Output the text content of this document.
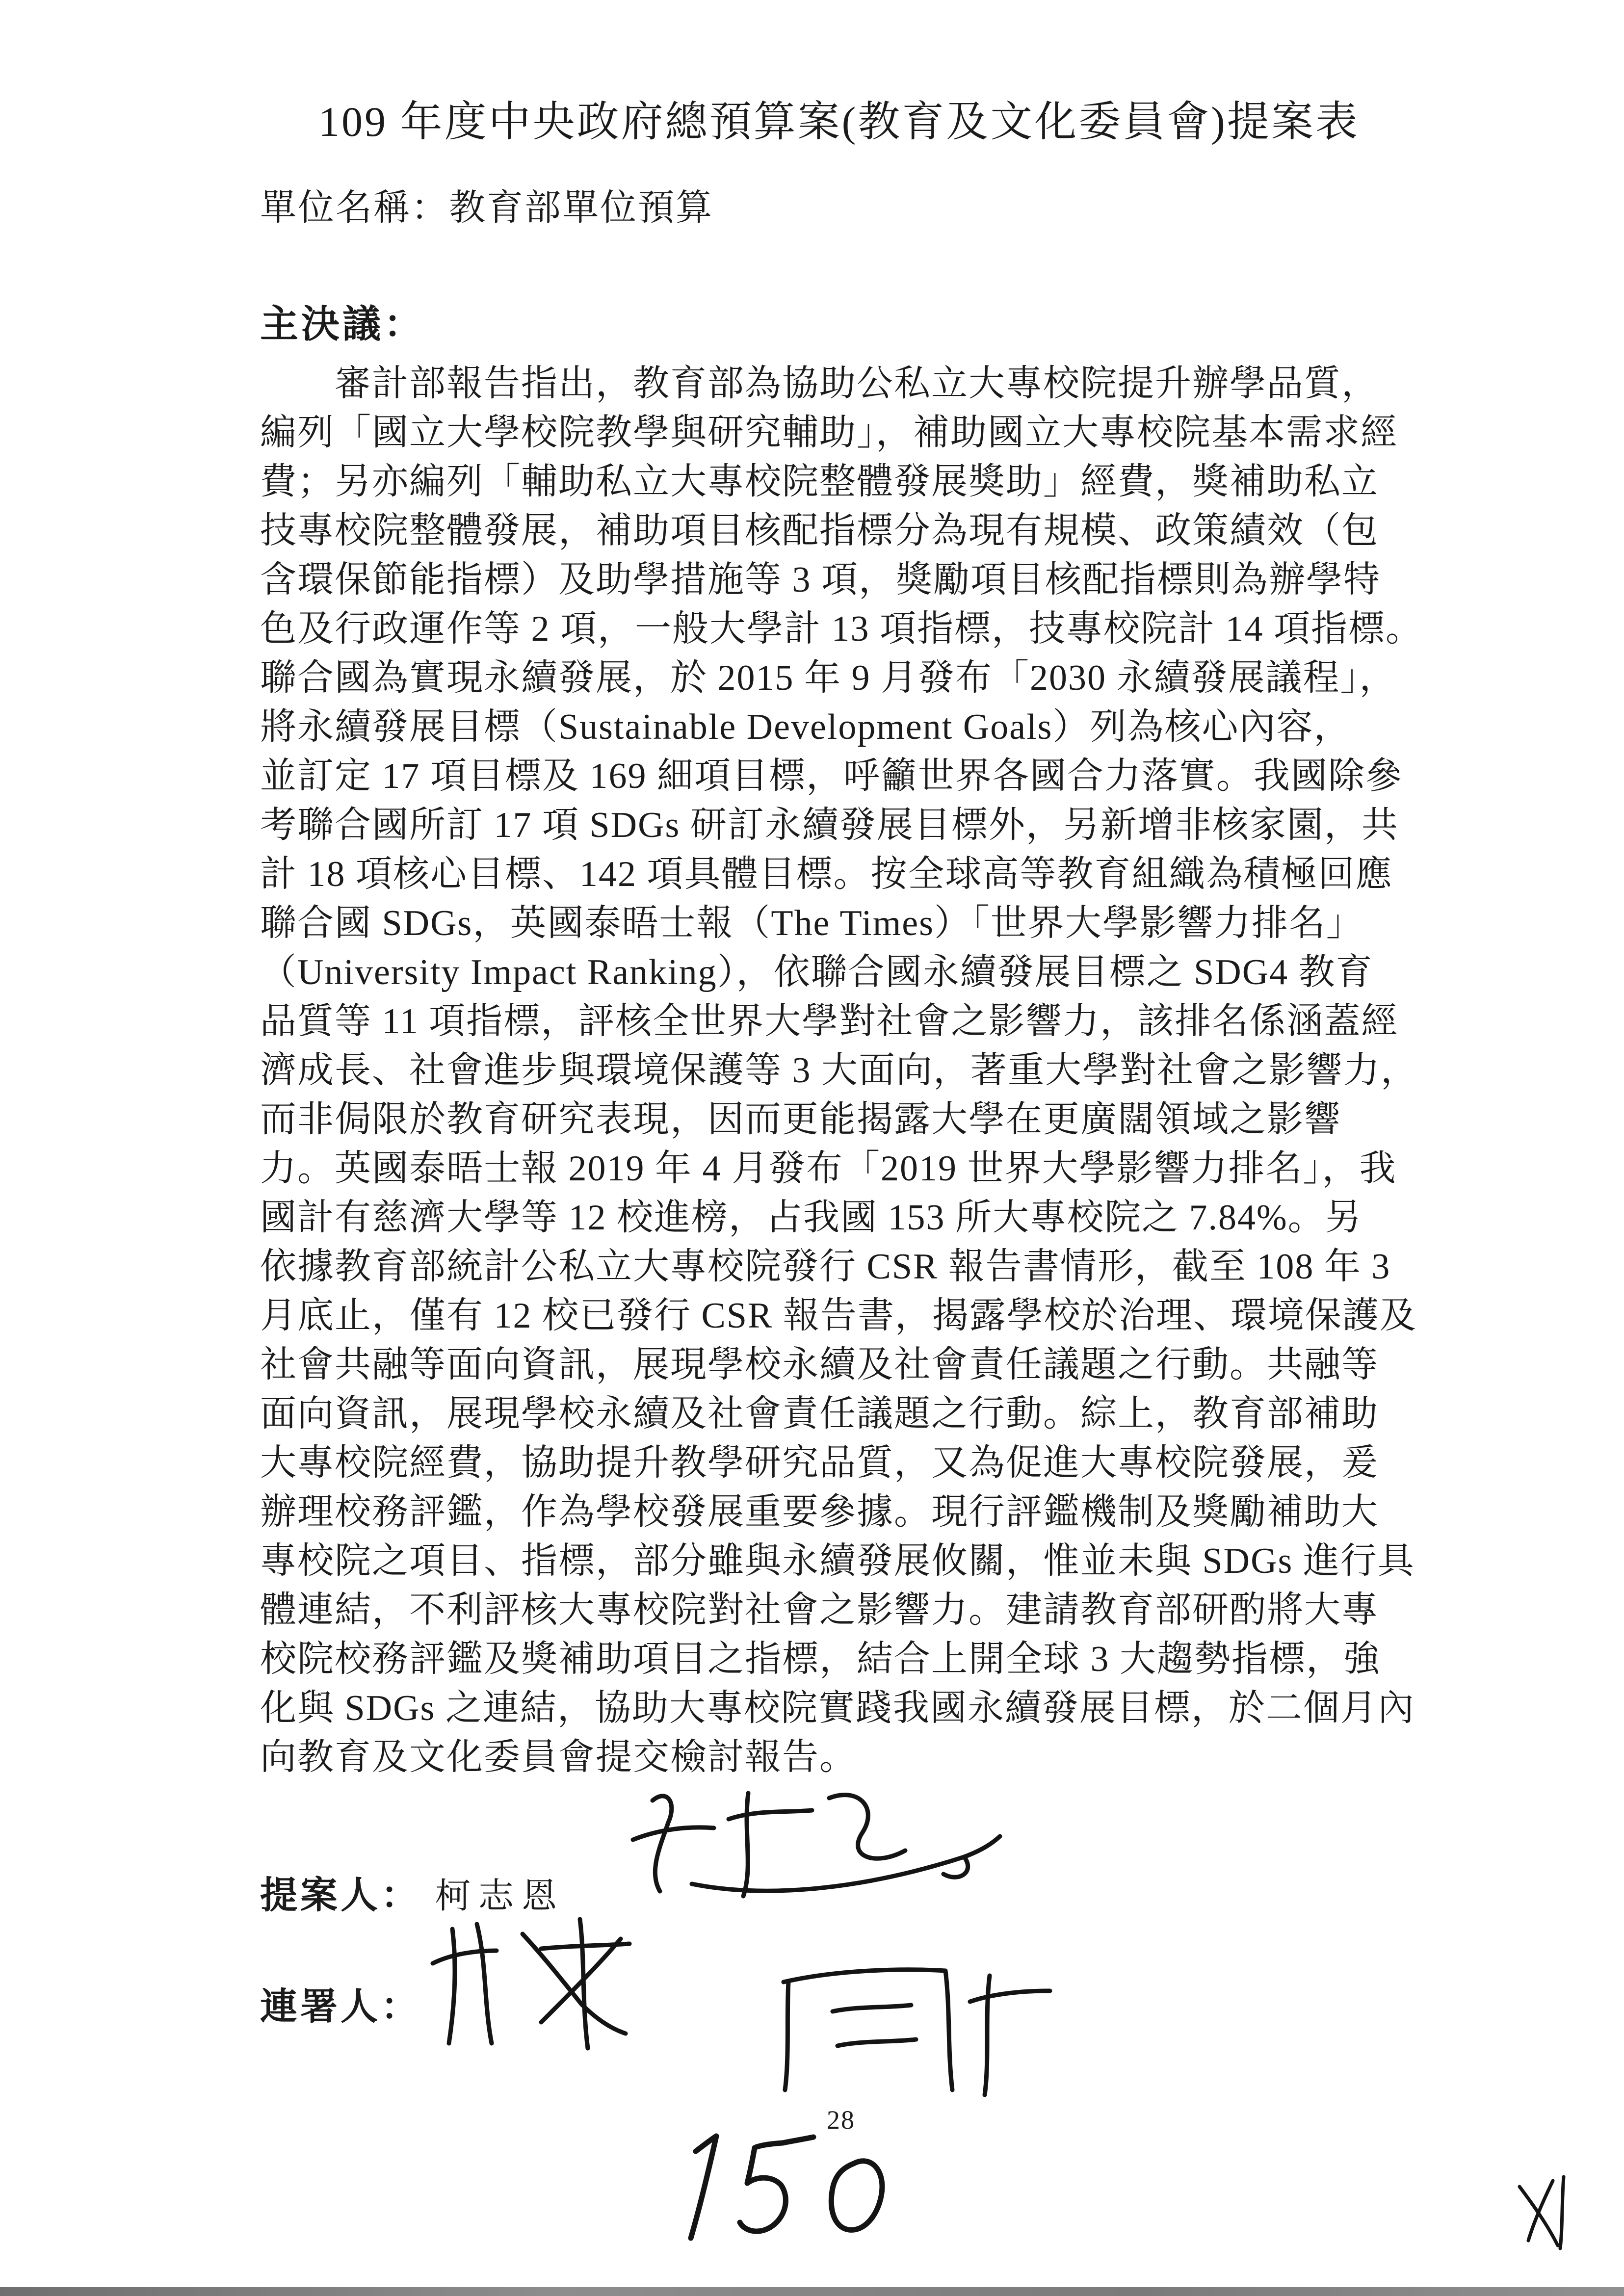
109 年度中央政府總預算案(教育及文化委員會)提案表
單位名稱：教育部單位預算
主決議：
　　審計部報告指出，教育部為協助公私立大專校院提升辦學品質，
編列「國立大學校院教學與研究輔助」，補助國立大專校院基本需求經
費；另亦編列「輔助私立大專校院整體發展獎助」經費，獎補助私立
技專校院整體發展，補助項目核配指標分為現有規模、政策績效（包
含環保節能指標）及助學措施等 3 項，獎勵項目核配指標則為辦學特
色及行政運作等 2 項，一般大學計 13 項指標，技專校院計 14 項指標。
聯合國為實現永續發展，於 2015 年 9 月發布「2030 永續發展議程」，
將永續發展目標（Sustainable Development Goals）列為核心內容，
並訂定 17 項目標及 169 細項目標，呼籲世界各國合力落實。我國除參
考聯合國所訂 17 項 SDGs 研訂永續發展目標外，另新增非核家園，共
計 18 項核心目標、142 項具體目標。按全球高等教育組織為積極回應
聯合國 SDGs，英國泰晤士報（The Times）「世界大學影響力排名」
（University Impact Ranking），依聯合國永續發展目標之 SDG4 教育
品質等 11 項指標，評核全世界大學對社會之影響力，該排名係涵蓋經
濟成長、社會進步與環境保護等 3 大面向，著重大學對社會之影響力，
而非侷限於教育研究表現，因而更能揭露大學在更廣闊領域之影響
力。英國泰晤士報 2019 年 4 月發布「2019 世界大學影響力排名」，我
國計有慈濟大學等 12 校進榜，占我國 153 所大專校院之 7.84%。另
依據教育部統計公私立大專校院發行 CSR 報告書情形，截至 108 年 3
月底止，僅有 12 校已發行 CSR 報告書，揭露學校於治理、環境保護及
社會共融等面向資訊，展現學校永續及社會責任議題之行動。共融等
面向資訊，展現學校永續及社會責任議題之行動。綜上，教育部補助
大專校院經費，協助提升教學研究品質，又為促進大專校院發展，爰
辦理校務評鑑，作為學校發展重要參據。現行評鑑機制及獎勵補助大
專校院之項目、指標，部分雖與永續發展攸關，惟並未與 SDGs 進行具
體連結，不利評核大專校院對社會之影響力。建請教育部研酌將大專
校院校務評鑑及獎補助項目之指標，結合上開全球 3 大趨勢指標，強
化與 SDGs 之連結，協助大專校院實踐我國永續發展目標，於二個月內
向教育及文化委員會提交檢討報告。
提案人： 柯志恩
連署人：
28
